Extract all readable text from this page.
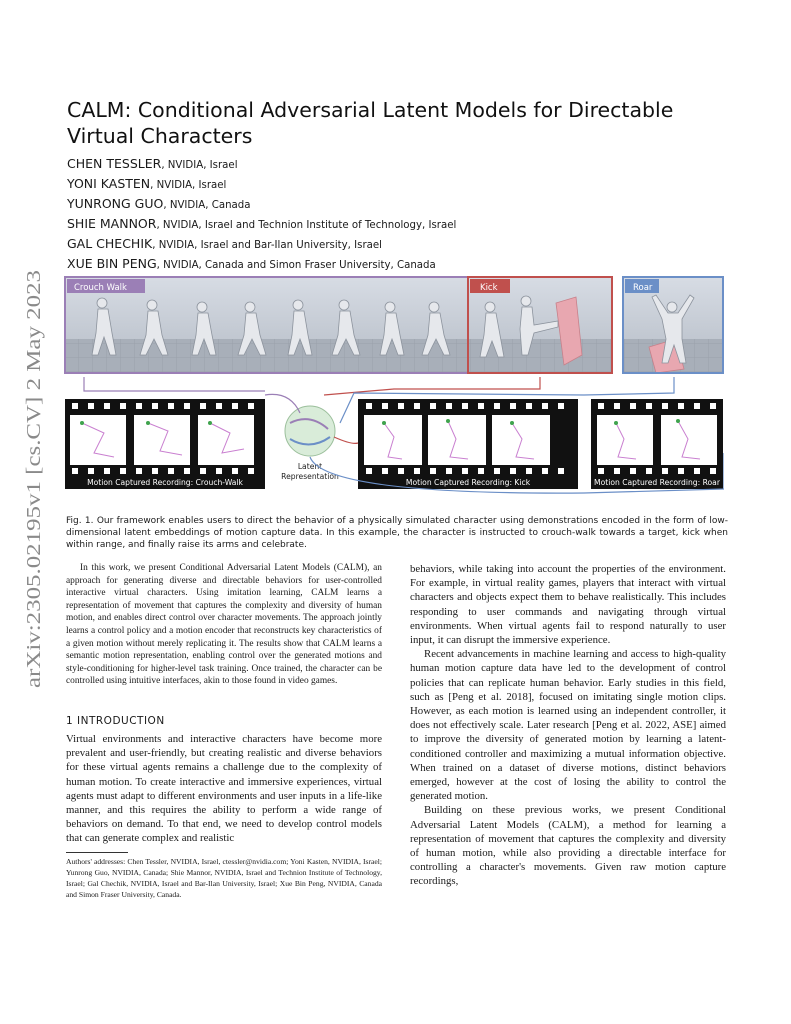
arXiv:2305.02195v1 [cs.CV] 2 May 2023
CALM: Conditional Adversarial Latent Models for Directable Virtual Characters
CHEN TESSLER, NVIDIA, Israel
YONI KASTEN, NVIDIA, Israel
YUNRONG GUO, NVIDIA, Canada
SHIE MANNOR, NVIDIA, Israel and Technion Institute of Technology, Israel
GAL CHECHIK, NVIDIA, Israel and Bar-Ilan University, Israel
XUE BIN PENG, NVIDIA, Canada and Simon Fraser University, Canada
Crouch Walk	Kick	Roar
Motion Captured Recording: Crouch-Walk	Motion Captured Recording: Kick	Motion Captured Recording: Roar
Latent
Representation
Fig. 1. Our framework enables users to direct the behavior of a physically simulated character using demonstrations encoded in the form of low-dimensional latent embeddings of motion capture data. In this example, the character is instructed to crouch-walk towards a target, kick when within range, and finally raise its arms and celebrate.

In this work, we present Conditional Adversarial Latent Models (CALM), an approach for generating diverse and directable behaviors for user-controlled interactive virtual characters. Using imitation learning, CALM learns a representation of movement that captures the complexity and diversity of human motion, and enables direct control over character movements. The approach jointly learns a control policy and a motion encoder that reconstructs key characteristics of a given motion without merely replicating it. The results show that CALM learns a semantic motion representation, enabling control over the generated motions and style-conditioning for higher-level task training. Once trained, the character can be controlled using intuitive interfaces, akin to those found in video games.

1 INTRODUCTION

Virtual environments and interactive characters have become more prevalent and user-friendly, but creating realistic and diverse behaviors for these virtual agents remains a challenge due to the complexity of human motion. To create interactive and immersive experiences, virtual agents must adapt to different environments and user inputs in a life-like manner, and this requires the ability to perform a wide range of behaviors on demand. To that end, we need to develop control models that can generate complex and realistic

Authors' addresses: Chen Tessler, NVIDIA, Israel, ctessler@nvidia.com; Yoni Kasten, NVIDIA, Israel; Yunrong Guo, NVIDIA, Canada; Shie Mannor, NVIDIA, Israel and Technion Institute of Technology, Israel; Gal Chechik, NVIDIA, Israel and Bar-Ilan University, Israel; Xue Bin Peng, NVIDIA, Canada and Simon Fraser University, Canada.

behaviors, while taking into account the properties of the environment. For example, in virtual reality games, players that interact with virtual characters and objects expect them to behave realistically. This includes responding to user commands and navigating through virtual environments. When virtual agents fail to respond naturally to user input, it can disrupt the immersive experience.

Recent advancements in machine learning and access to high-quality human motion capture data have led to the development of control policies that can replicate human behavior. Early studies in this field, such as [Peng et al. 2018], focused on imitating single motion clips. However, as each motion is learned using an independent controller, it does not effectively scale. Later research [Peng et al. 2022, ASE] aimed to improve the diversity of generated motion by learning a latent-conditioned controller and maximizing a mutual information objective. When trained on a dataset of diverse motions, distinct behaviors emerged, however at the cost of losing the ability to control the generated motion.

Building on these previous works, we present Conditional Adversarial Latent Models (CALM), a method for learning a representation of movement that captures the complexity and diversity of human motion, while also providing a directable interface for controlling a character's movements. Given raw motion capture recordings,
